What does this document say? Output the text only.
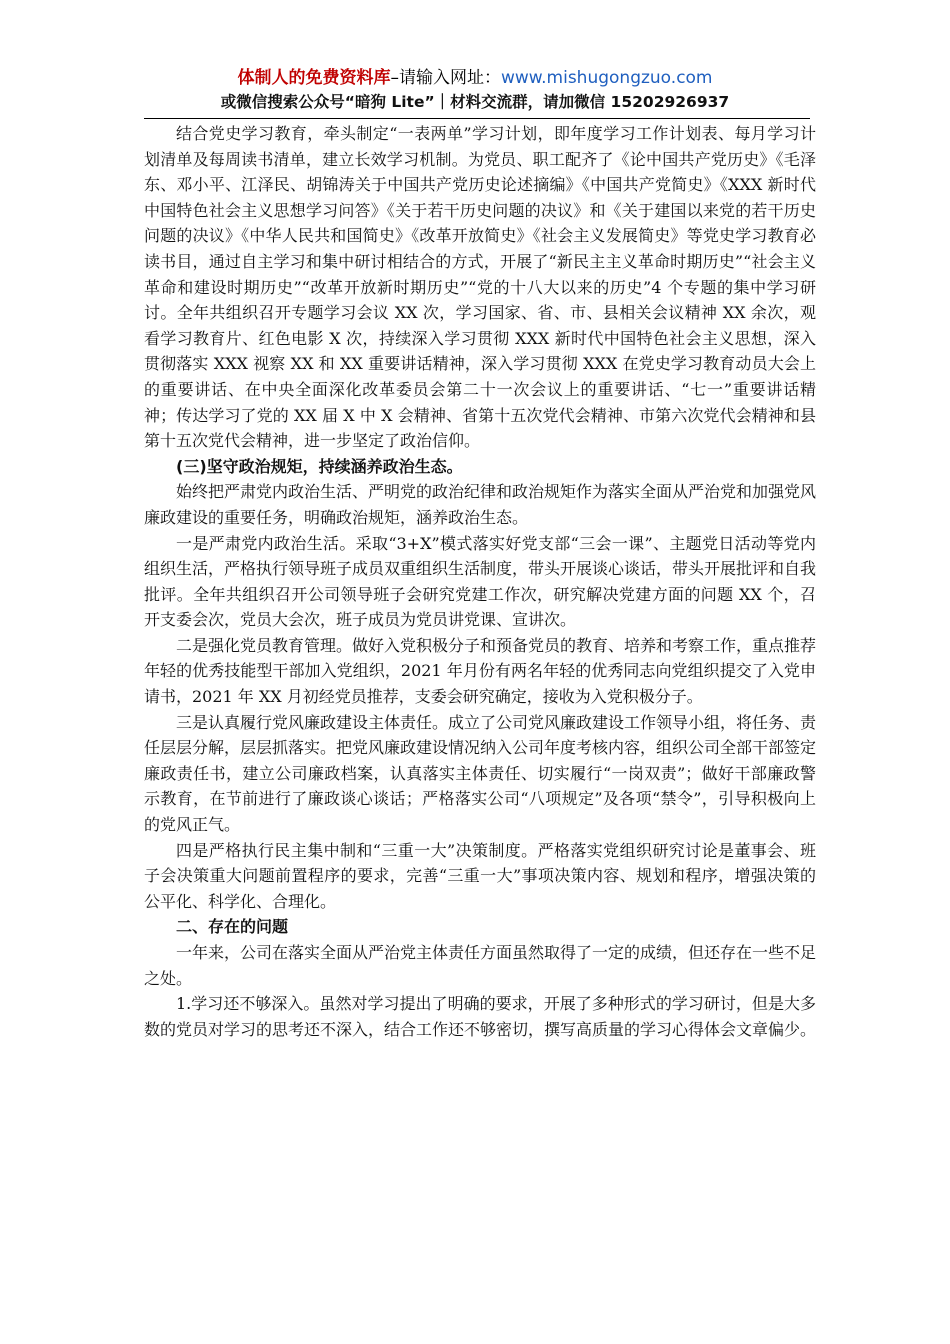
体制人的免费资料库–请输入网址：www.mishugongzuo.com
或微信搜索公众号“暗狗 Lite”｜材料交流群，请加微信 15202926937

结合党史学习教育，牵头制定“一表两单”学习计划，即年度学习工作计划表、每月学习计划清单及每周读书清单，建立长效学习机制。为党员、职工配齐了《论中国共产党历史》《毛泽东、邓小平、江泽民、胡锦涛关于中国共产党历史论述摘编》《中国共产党简史》《XXX 新时代中国特色社会主义思想学习问答》《关于若干历史问题的决议》和《关于建国以来党的若干历史问题的决议》《中华人民共和国简史》《改革开放简史》《社会主义发展简史》等党史学习教育必读书目，通过自主学习和集中研讨相结合的方式，开展了“新民主主义革命时期历史”“社会主义革命和建设时期历史”“改革开放新时期历史”“党的十八大以来的历史”4 个专题的集中学习研讨。全年共组织召开专题学习会议 XX 次，学习国家、省、市、县相关会议精神 XX 余次，观看学习教育片、红色电影 X 次，持续深入学习贯彻 XXX 新时代中国特色社会主义思想，深入贯彻落实 XXX 视察 XX 和 XX 重要讲话精神，深入学习贯彻 XXX 在党史学习教育动员大会上的重要讲话、在中央全面深化改革委员会第二十一次会议上的重要讲话、“七一”重要讲话精神；传达学习了党的 XX 届 X 中 X 会精神、省第十五次党代会精神、市第六次党代会精神和县第十五次党代会精神，进一步坚定了政治信仰。

(三)坚守政治规矩，持续涵养政治生态。

始终把严肃党内政治生活、严明党的政治纪律和政治规矩作为落实全面从严治党和加强党风廉政建设的重要任务，明确政治规矩，涵养政治生态。

一是严肃党内政治生活。采取“3+X”模式落实好党支部“三会一课”、主题党日活动等党内组织生活，严格执行领导班子成员双重组织生活制度，带头开展谈心谈话，带头开展批评和自我批评。全年共组织召开公司领导班子会研究党建工作次，研究解决党建方面的问题 XX 个，召开支委会次，党员大会次，班子成员为党员讲党课、宣讲次。

二是强化党员教育管理。做好入党积极分子和预备党员的教育、培养和考察工作，重点推荐年轻的优秀技能型干部加入党组织，2021 年月份有两名年轻的优秀同志向党组织提交了入党申请书，2021 年 XX 月初经党员推荐，支委会研究确定，接收为入党积极分子。

三是认真履行党风廉政建设主体责任。成立了公司党风廉政建设工作领导小组，将任务、责任层层分解，层层抓落实。把党风廉政建设情况纳入公司年度考核内容，组织公司全部干部签定廉政责任书，建立公司廉政档案，认真落实主体责任、切实履行“一岗双责”；做好干部廉政警示教育，在节前进行了廉政谈心谈话；严格落实公司“八项规定”及各项“禁令”，引导积极向上的党风正气。

四是严格执行民主集中制和“三重一大”决策制度。严格落实党组织研究讨论是董事会、班子会决策重大问题前置程序的要求，完善“三重一大”事项决策内容、规划和程序，增强决策的公平化、科学化、合理化。

二、存在的问题

一年来，公司在落实全面从严治党主体责任方面虽然取得了一定的成绩，但还存在一些不足之处。

1.学习还不够深入。虽然对学习提出了明确的要求，开展了多种形式的学习研讨，但是大多数的党员对学习的思考还不深入，结合工作还不够密切，撰写高质量的学习心得体会文章偏少。
